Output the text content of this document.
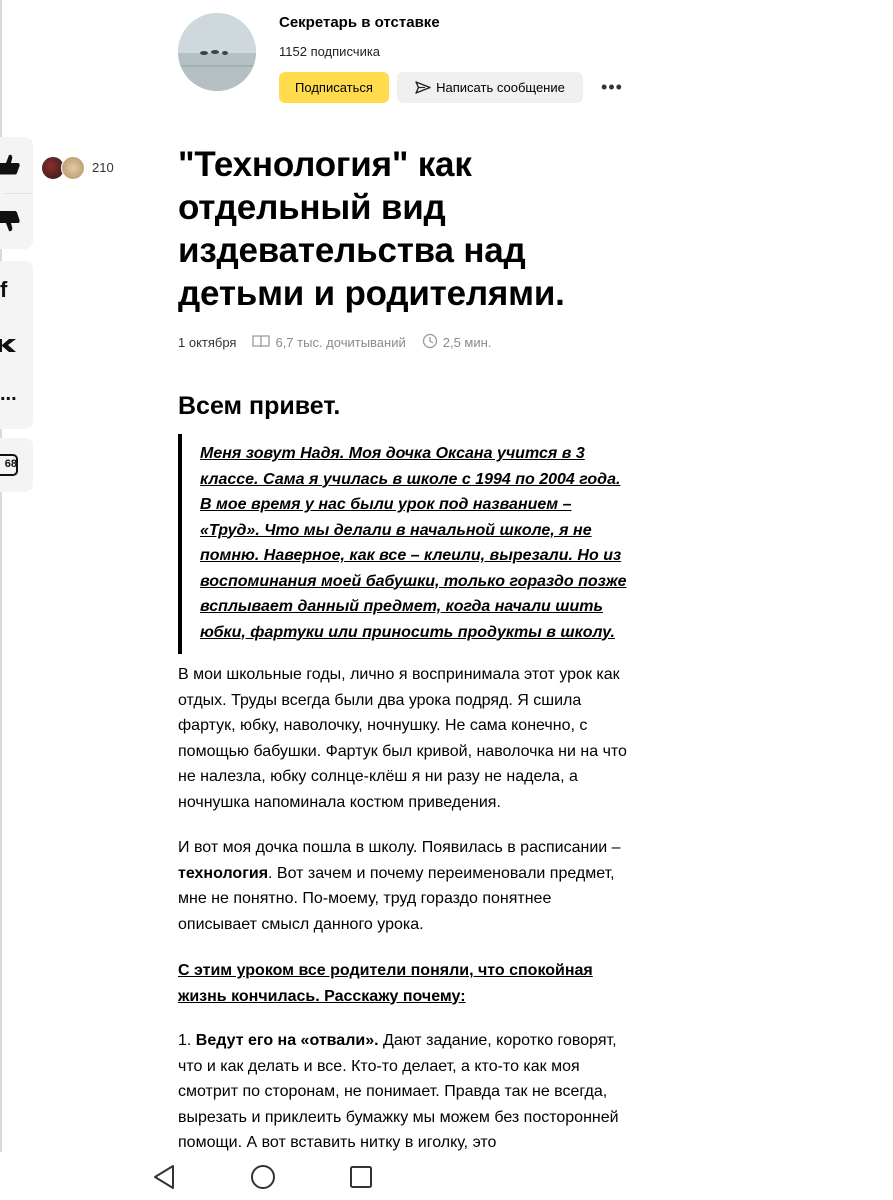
Секретарь в отставке
1152 подписчика
Подписаться	Написать сообщение •••
210
f
...
68
"Технология" как отдельный вид издевательства над детьми и родителями.
1 октября	6,7 тыс. дочитываний	2,5 мин.
Всем привет.

Меня зовут Надя. Моя дочка Оксана учится в 3 классе. Сама я училась в школе с 1994 по 2004 года. В мое время у нас были урок под названием – «Труд». Что мы делали в начальной школе, я не помню. Наверное, как все – клеили, вырезали. Но из воспоминания моей бабушки, только гораздо позже всплывает данный предмет, когда начали шить юбки, фартуки или приносить продукты в школу.

В мои школьные годы, лично я воспринимала этот урок как отдых. Труды всегда были два урока подряд. Я сшила фартук, юбку, наволочку, ночнушку. Не сама конечно, с помощью бабушки. Фартук был кривой, наволочка ни на что не налезла, юбку солнце-клёш я ни разу не надела, а ночнушка напоминала костюм приведения.

И вот моя дочка пошла в школу. Появилась в расписании – технология. Вот зачем и почему переименовали предмет, мне не понятно. По-моему, труд гораздо понятнее описывает смысл данного урока.

С этим уроком все родители поняли, что спокойная жизнь кончилась. Расскажу почему:

1. Ведут его на «отвали». Дают задание, коротко говорят, что и как делать и все. Кто-то делает, а кто-то как моя смотрит по сторонам, не понимает. Правда так не всегда, вырезать и приклеить бумажку мы можем без посторонней помощи. А вот вставить нитку в иголку, это
